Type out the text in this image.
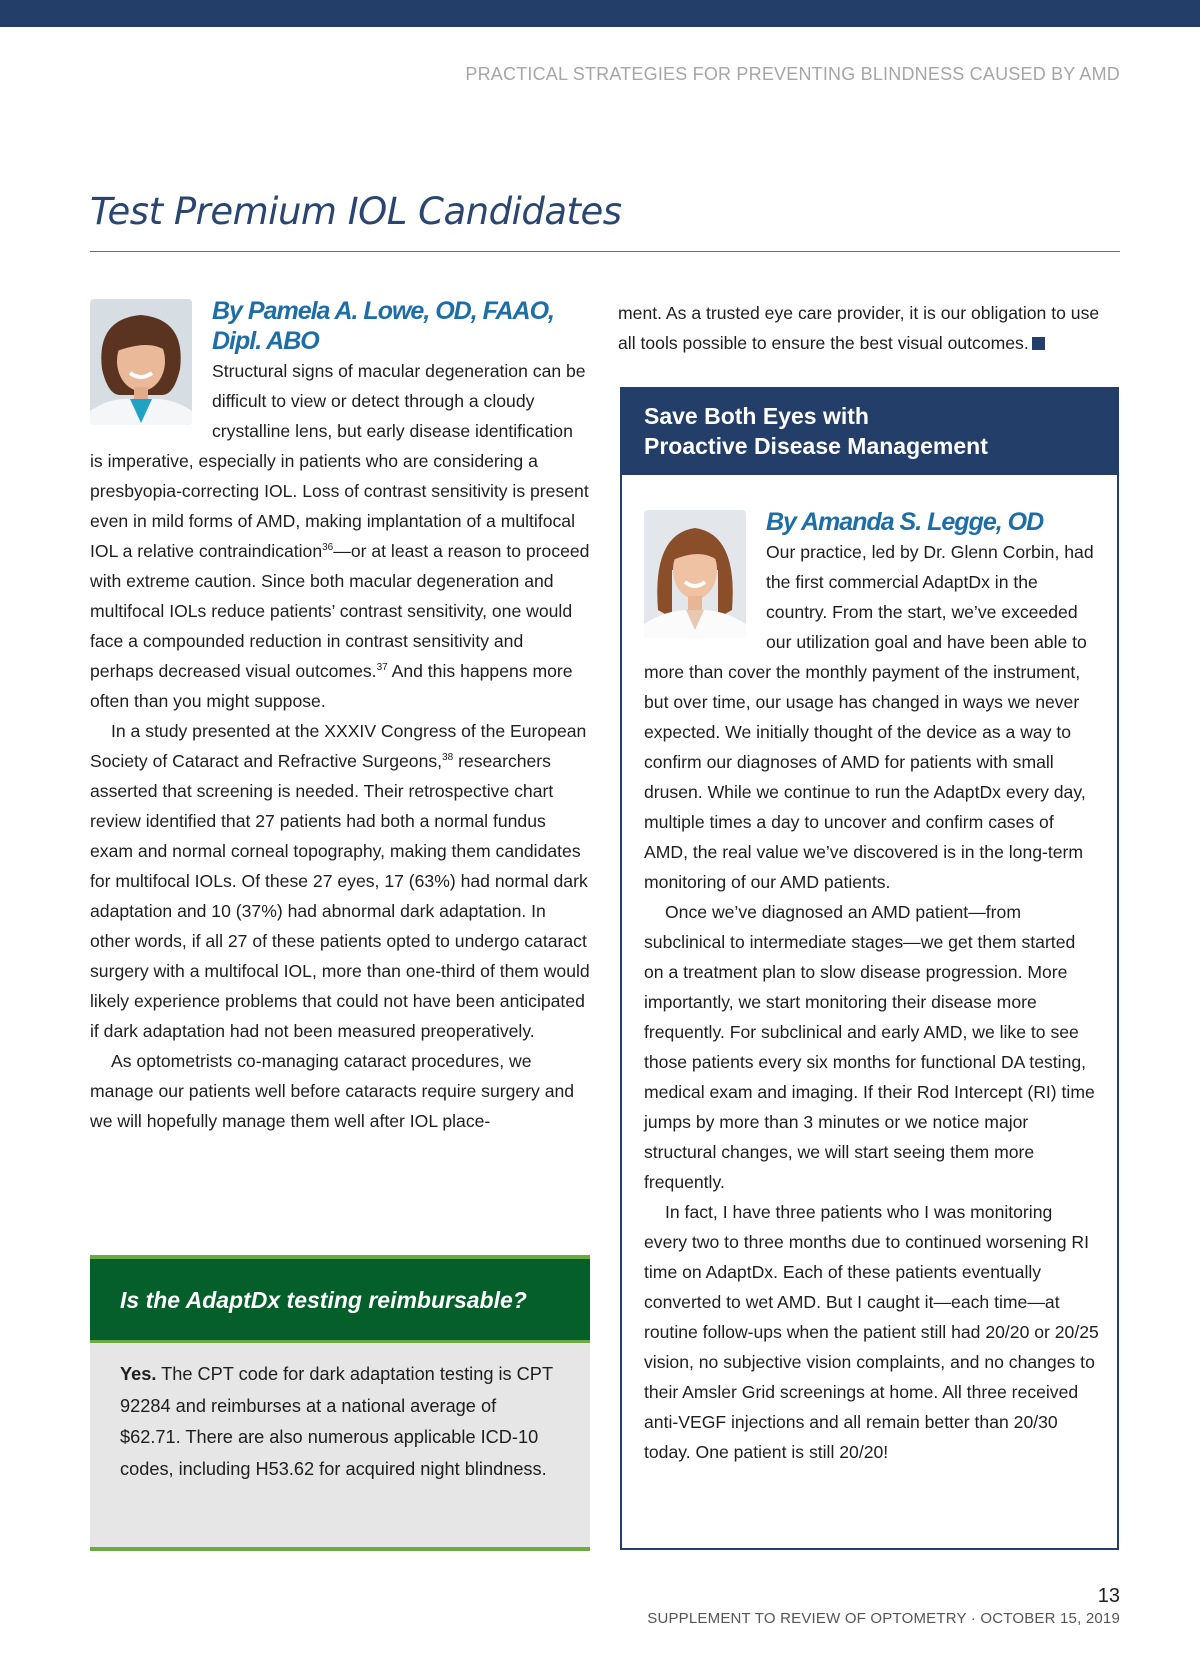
PRACTICAL STRATEGIES FOR PREVENTING BLINDNESS CAUSED BY AMD
Test Premium IOL Candidates
By Pamela A. Lowe, OD, FAAO, Dipl. ABO

Structural signs of macular degeneration can be difficult to view or detect through a cloudy crystalline lens, but early disease identification is imperative, especially in patients who are considering a presbyopia-correcting IOL. Loss of contrast sensitivity is present even in mild forms of AMD, making implantation of a multifocal IOL a relative contraindication$^{36}$—or at least a reason to proceed with extreme caution. Since both macular degeneration and multifocal IOLs reduce patients’ contrast sensitivity, one would face a compounded reduction in contrast sensitivity and perhaps decreased visual outcomes.$^{37}$ And this happens more often than you might suppose.

In a study presented at the XXXIV Congress of the European Society of Cataract and Refractive Surgeons,$^{38}$ researchers asserted that screening is needed. Their retrospective chart review identified that 27 patients had both a normal fundus exam and normal corneal topography, making them candidates for multifocal IOLs. Of these 27 eyes, 17 (63%) had normal dark adaptation and 10 (37%) had abnormal dark adaptation. In other words, if all 27 of these patients opted to undergo cataract surgery with a multifocal IOL, more than one-third of them would likely experience problems that could not have been anticipated if dark adaptation had not been measured preoperatively.

As optometrists co-managing cataract procedures, we manage our patients well before cataracts require surgery and we will hopefully manage them well after IOL place-

ment. As a trusted eye care provider, it is our obligation to use all tools possible to ensure the best visual outcomes.

Is the AdaptDx testing reimbursable?
Yes. The CPT code for dark adaptation testing is CPT 92284 and reimburses at a national average of $62.71. There are also numerous applicable ICD-10 codes, including H53.62 for acquired night blindness.
Save Both Eyes with
Proactive Disease Management
By Amanda S. Legge, OD

Our practice, led by Dr. Glenn Corbin, had the first commercial AdaptDx in the country. From the start, we’ve exceeded our utilization goal and have been able to more than cover the monthly payment of the instrument, but over time, our usage has changed in ways we never expected. We initially thought of the device as a way to confirm our diagnoses of AMD for patients with small drusen. While we continue to run the AdaptDx every day, multiple times a day to uncover and confirm cases of AMD, the real value we’ve discovered is in the long-term monitoring of our AMD patients.

Once we’ve diagnosed an AMD patient—from subclinical to intermediate stages—we get them started on a treatment plan to slow disease progression. More importantly, we start monitoring their disease more frequently. For subclinical and early AMD, we like to see those patients every six months for functional DA testing, medical exam and imaging. If their Rod Intercept (RI) time jumps by more than 3 minutes or we notice major structural changes, we will start seeing them more frequently.

In fact, I have three patients who I was monitoring every two to three months due to continued worsening RI time on AdaptDx. Each of these patients eventually converted to wet AMD. But I caught it—each time—at routine follow-ups when the patient still had 20/20 or 20/25 vision, no subjective vision complaints, and no changes to their Amsler Grid screenings at home. All three received anti-VEGF injections and all remain better than 20/30 today. One patient is still 20/20!

13
SUPPLEMENT TO REVIEW OF OPTOMETRY · OCTOBER 15, 2019
